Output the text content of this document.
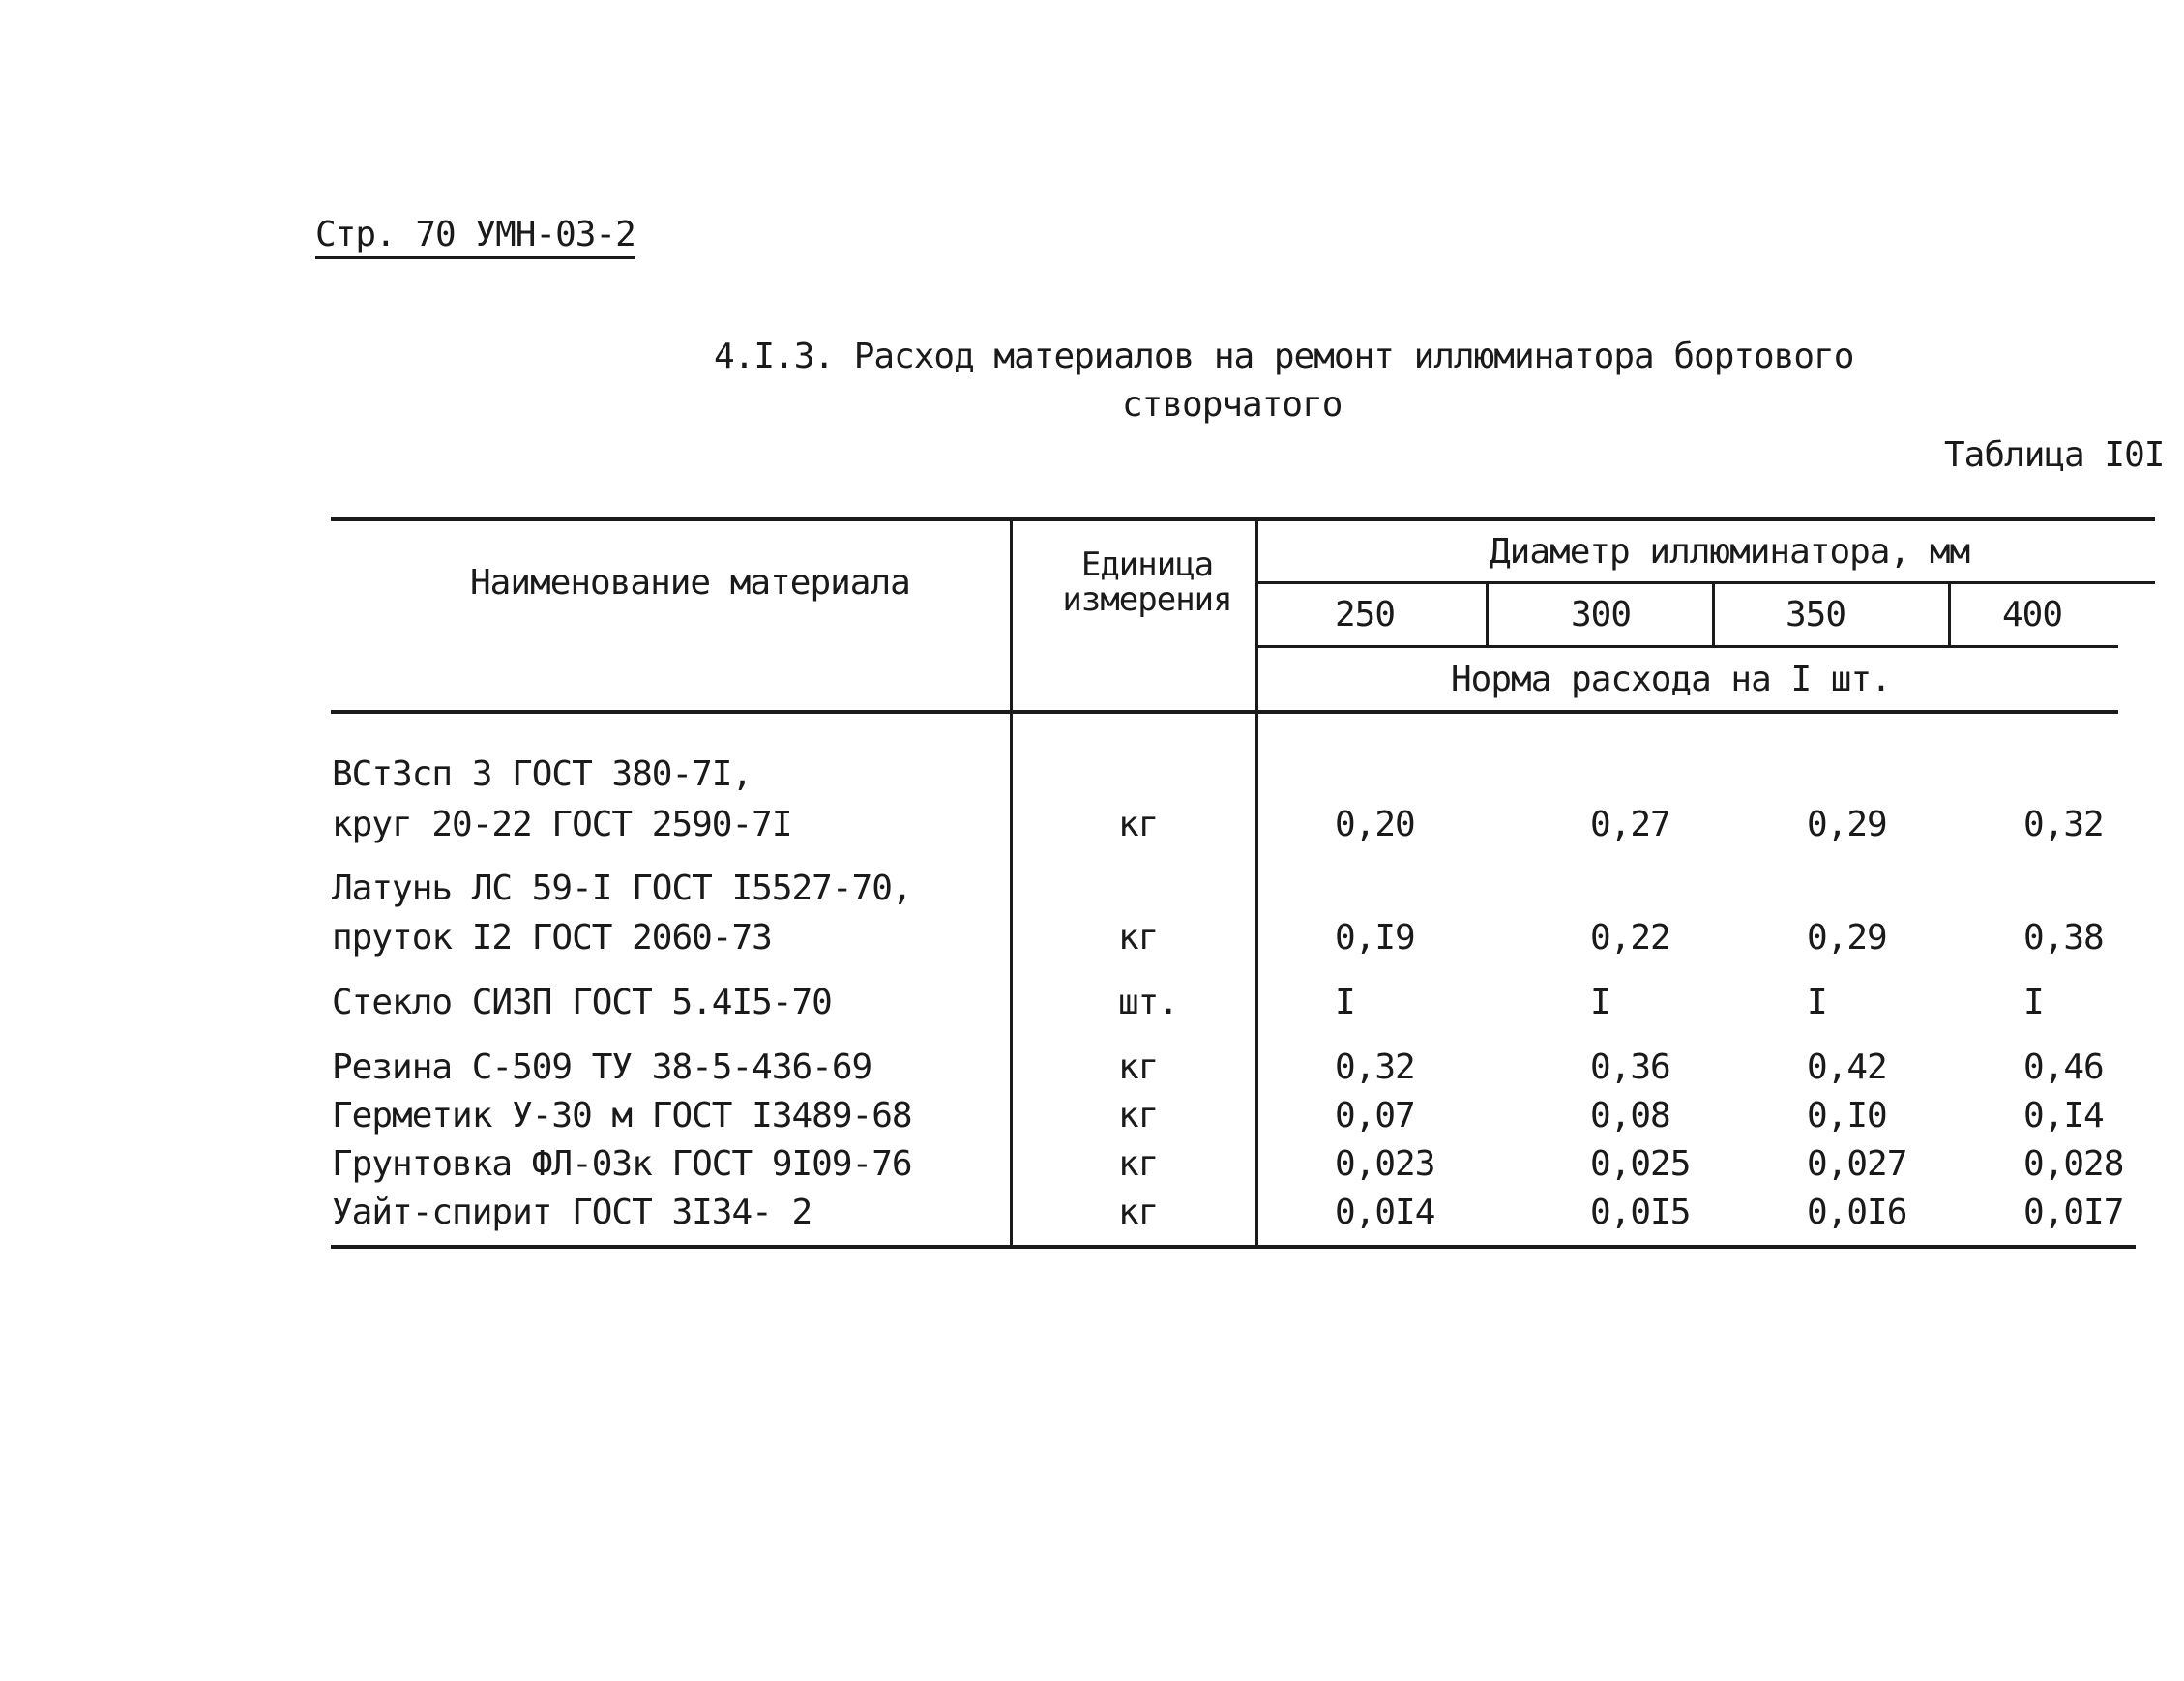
Стр. 70 УМН-03-2
4.I.3. Расход материалов на ремонт иллюминатора бортового
створчатого
Таблица I0I
Наименование материала	Единица
измерения
Диаметр иллюминатора, мм
250	300	350	400
Норма расхода на I шт.
ВСт3сп 3 ГОСТ 380-7I,
круг 20-22 ГОСТ 2590-7I	кг	0,20	0,27	0,29	0,32
Латунь ЛС 59-I ГОСТ I5527-70,
пруток I2 ГОСТ 2060-73	кг	0,I9	0,22	0,29	0,38
Стекло СИЗП ГОСТ 5.4I5-70	шт.	I	I	I	I
Резина С-509 ТУ 38-5-436-69	кг	0,32	0,36	0,42	0,46
Герметик У-30 м ГОСТ I3489-68	кг	0,07	0,08	0,I0	0,I4
Грунтовка ФЛ-03к ГОСТ 9I09-76	кг	0,023	0,025	0,027	0,028
Уайт-спирит ГОСТ 3I34- 2	кг	0,0I4	0,0I5	0,0I6	0,0I7
